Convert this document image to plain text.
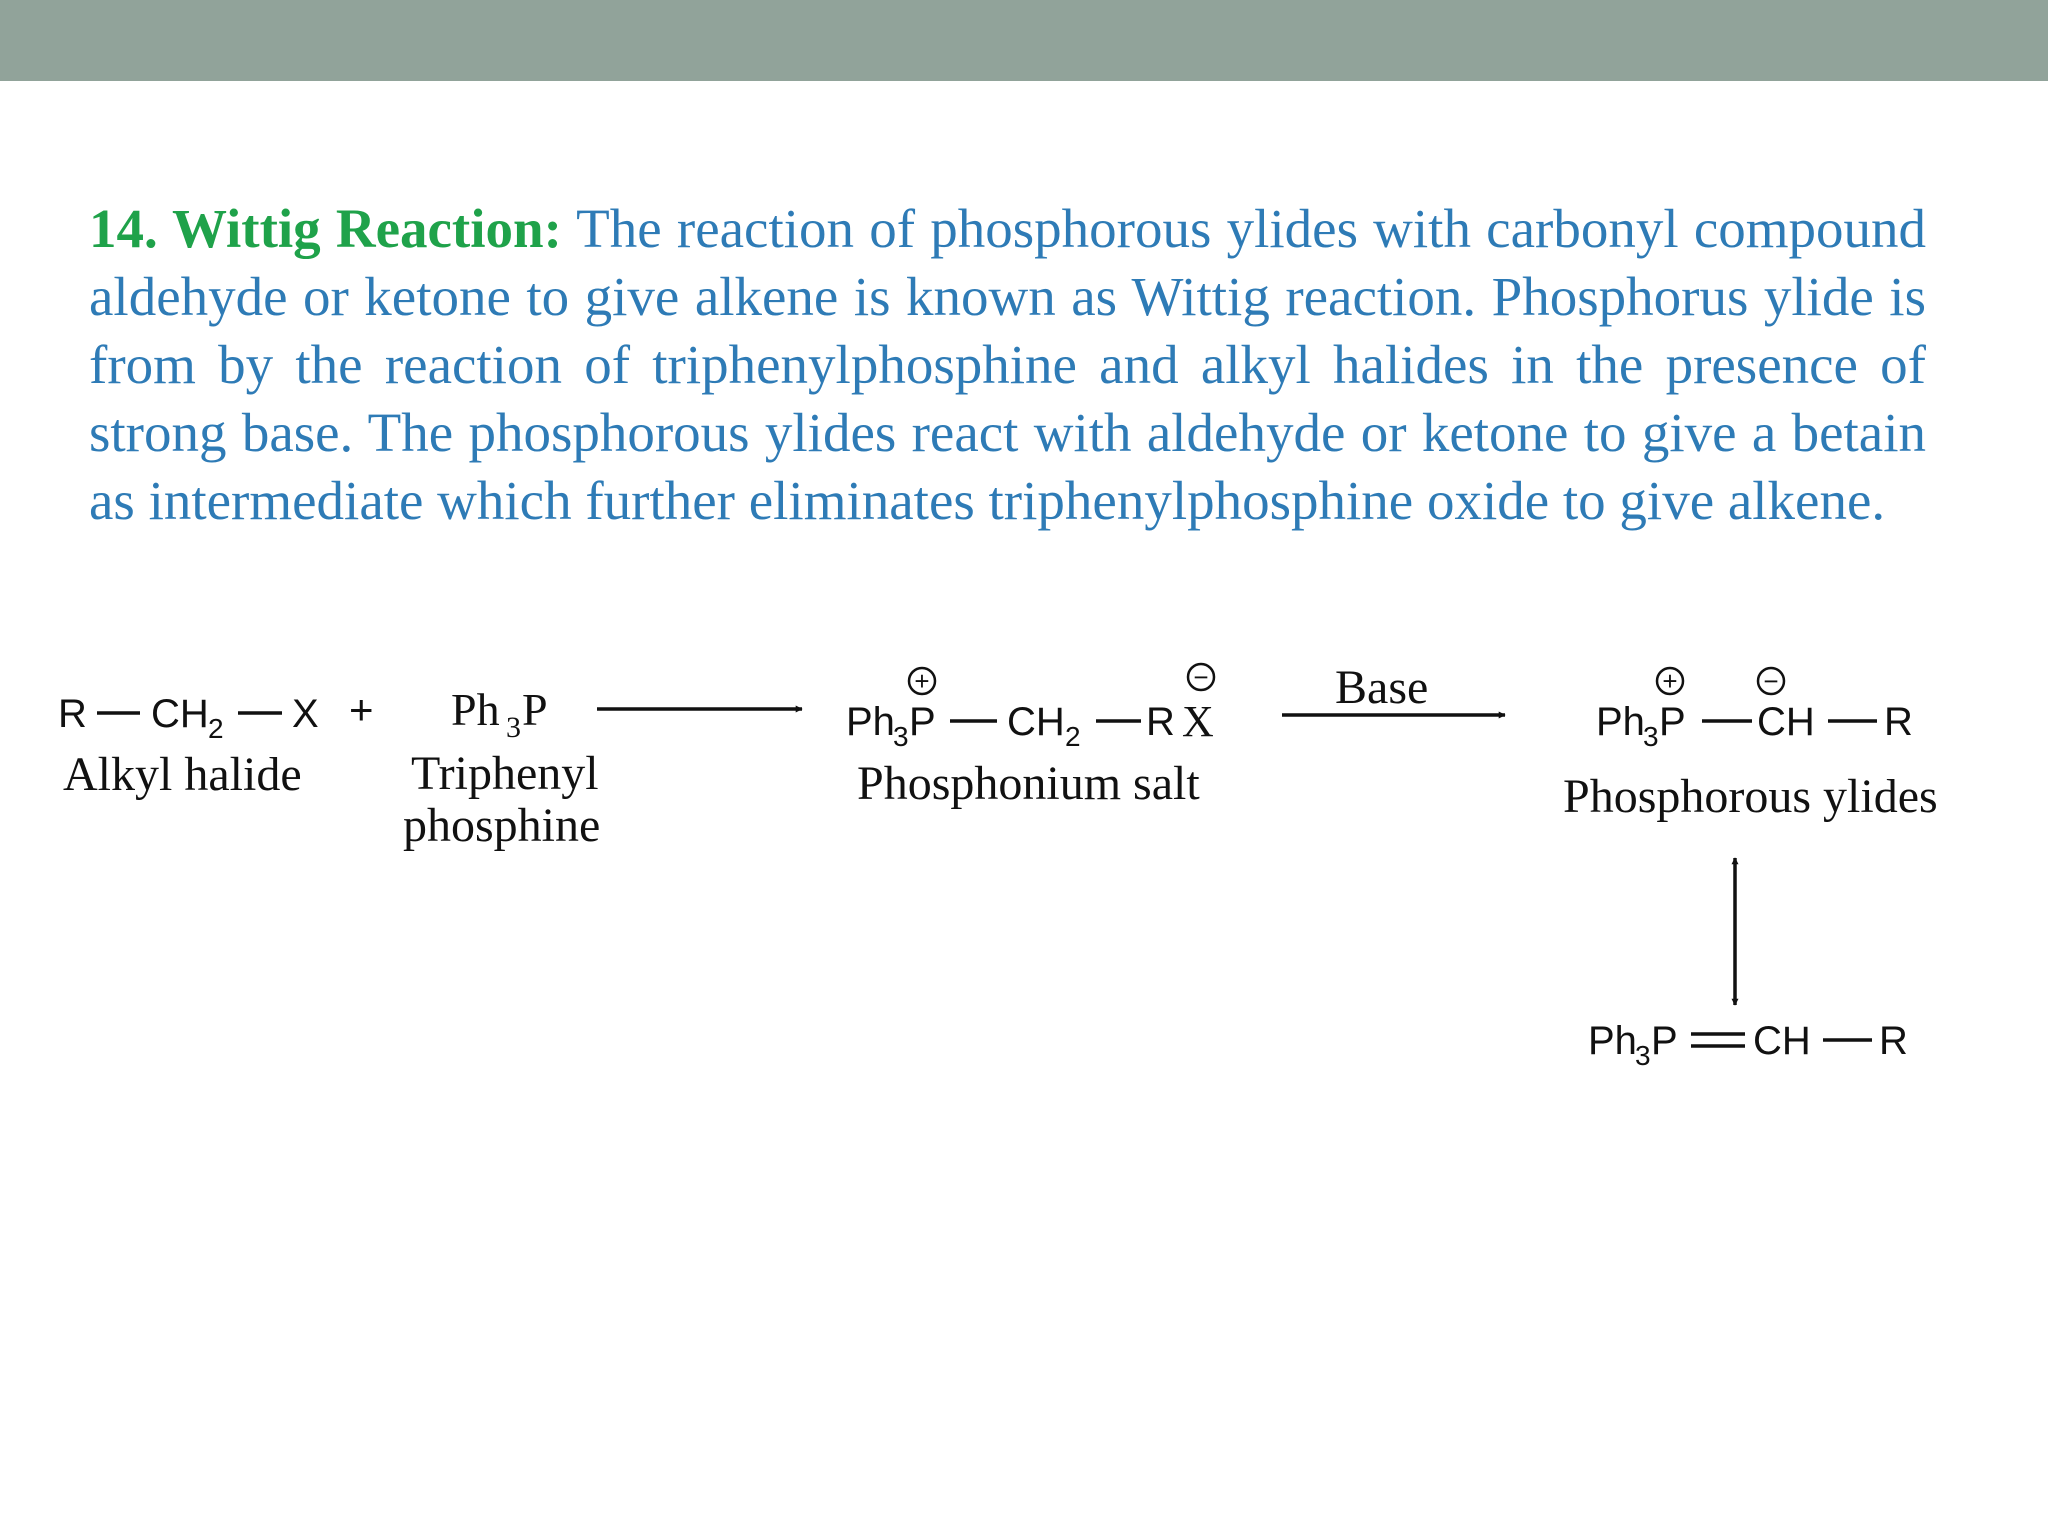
14. Wittig Reaction: The reaction of phosphorous ylides with carbonyl compound aldehyde or ketone to give alkene is known as Wittig reaction. Phosphorus ylide is from by the reaction of triphenylphosphine and alkyl halides in the presence of strong base. The phosphorous ylides react with aldehyde or ketone to give a betain as intermediate which further eliminates triphenylphosphine oxide to give alkene.

R CH 2 X
Alkyl halide
+ Ph 3 P
Triphenyl
phosphine
+
Ph
3 P CH 2 R
−
X
Phosphonium salt
Base	+
Ph
3 P
−
CH R
Phosphorous ylides
Ph
3 P CH R
